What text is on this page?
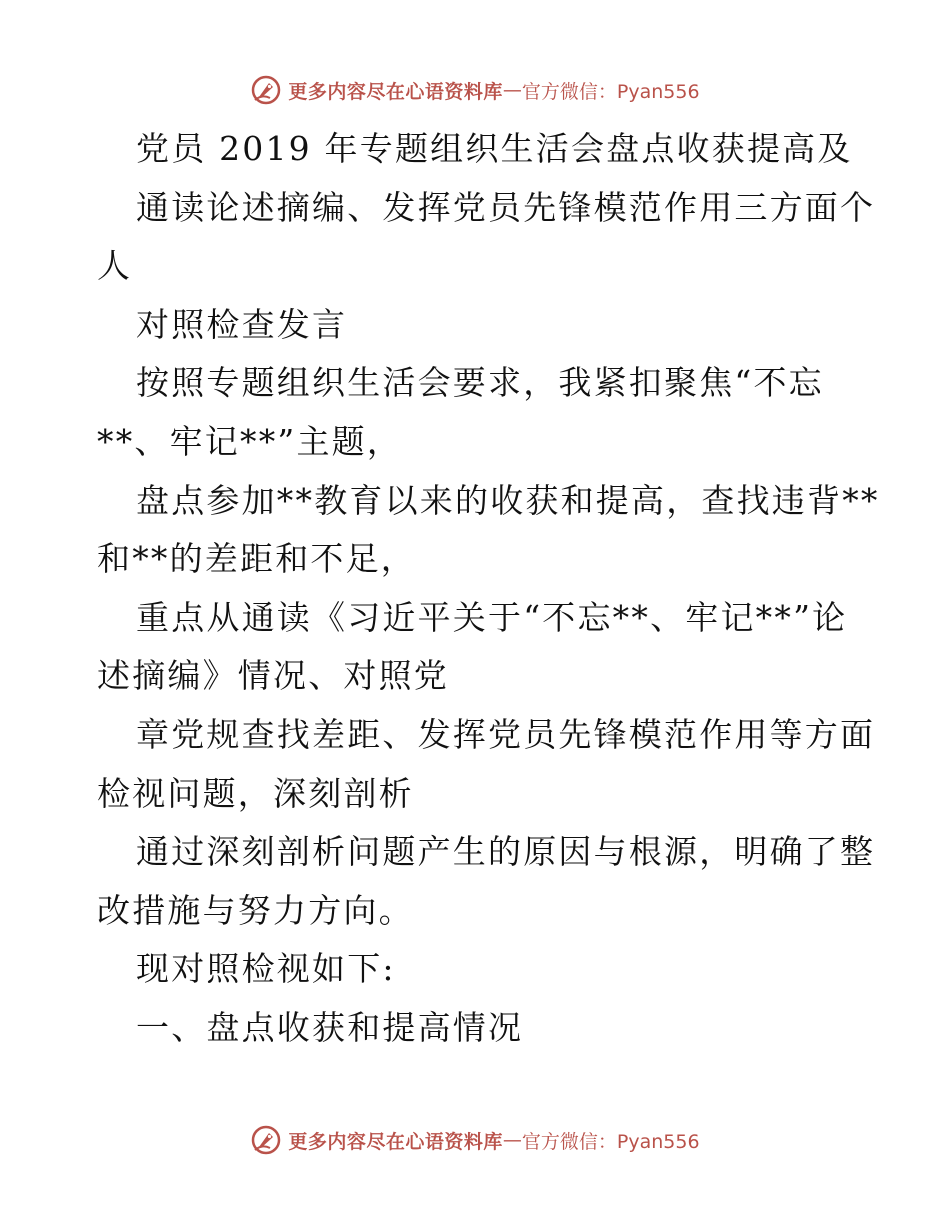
更多内容尽在心语资料库 — 官方微信：Pyan556
党员 2019 年专题组织生活会盘点收获提高及
通读论述摘编、发挥党员先锋模范作用三方面个
人
对照检查发言
按照专题组织生活会要求，我紧扣聚焦“不忘
**、牢记**”主题，
盘点参加**教育以来的收获和提高，查找违背**
和**的差距和不足，
重点从通读《习近平关于“不忘**、牢记**”论
述摘编》情况、对照党
章党规查找差距、发挥党员先锋模范作用等方面
检视问题，深刻剖析
通过深刻剖析问题产生的原因与根源，明确了整
改措施与努力方向。
现对照检视如下:
一、盘点收获和提高情况
更多内容尽在心语资料库 — 官方微信：Pyan556
